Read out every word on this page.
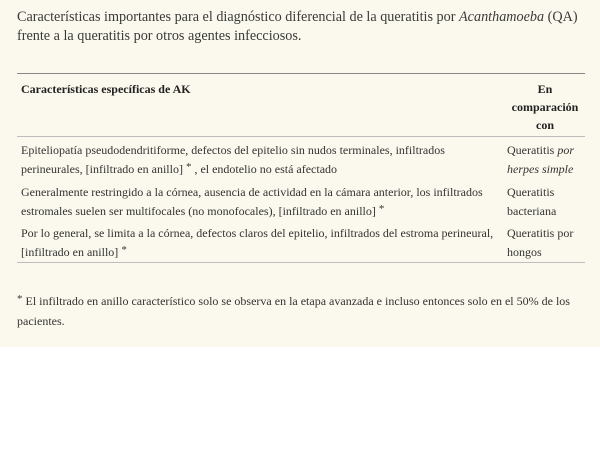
Características importantes para el diagnóstico diferencial de la queratitis por Acanthamoeba (QA) frente a la queratitis por otros agentes infecciosos.

Características específicas de AK	En
comparación
con
Epiteliopatía pseudodendritiforme, defectos del epitelio sin nudos terminales, infiltrados
perineurales, [infiltrado en anillo] * , el endotelio no está afectado
Queratitis por
herpes simple
Generalmente restringido a la córnea, ausencia de actividad en la cámara anterior, los infiltrados
estromales suelen ser multifocales (no monofocales), [infiltrado en anillo] *
Queratitis
bacteriana
Por lo general, se limita a la córnea, defectos claros del epitelio, infiltrados del estroma perineural,
[infiltrado en anillo] *
Queratitis por
hongos

* El infiltrado en anillo característico solo se observa en la etapa avanzada e incluso entonces solo en el 50% de los pacientes.
